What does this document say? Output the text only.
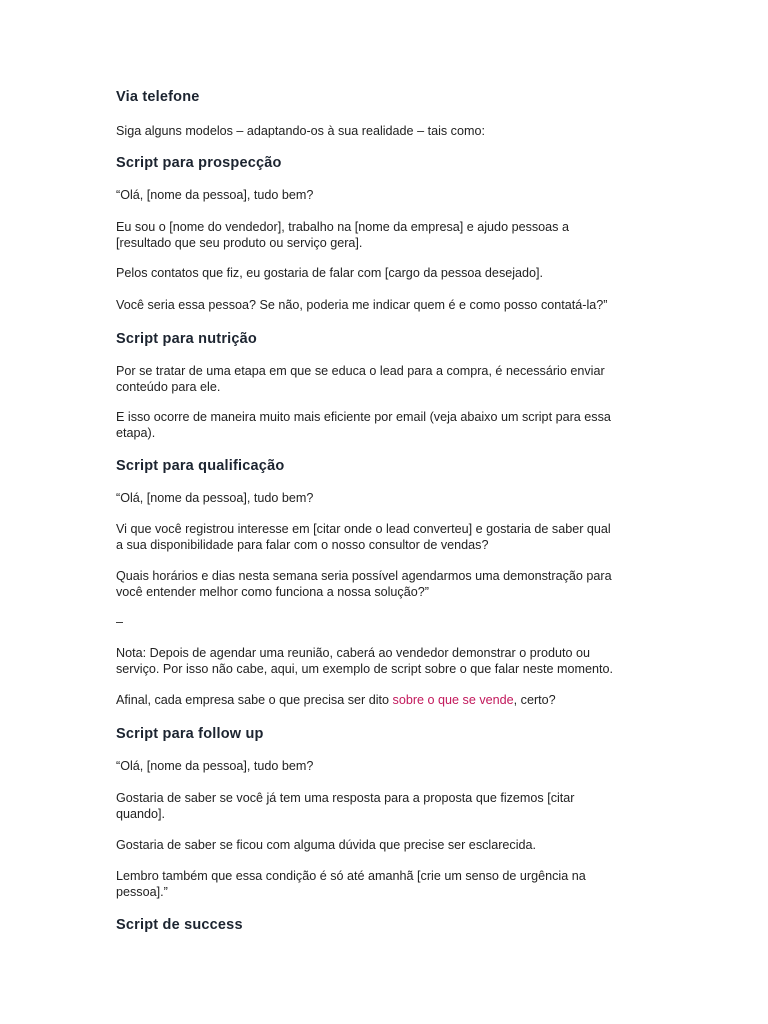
Via telefone
Siga alguns modelos – adaptando-os à sua realidade – tais como:
Script para prospecção
“Olá, [nome da pessoa], tudo bem?
Eu sou o [nome do vendedor], trabalho na [nome da empresa] e ajudo pessoas a
[resultado que seu produto ou serviço gera].
Pelos contatos que fiz, eu gostaria de falar com [cargo da pessoa desejado].
Você seria essa pessoa? Se não, poderia me indicar quem é e como posso contatá-la?”
Script para nutrição
Por se tratar de uma etapa em que se educa o lead para a compra, é necessário enviar
conteúdo para ele.
E isso ocorre de maneira muito mais eficiente por email (veja abaixo um script para essa
etapa).
Script para qualificação
“Olá, [nome da pessoa], tudo bem?
Vi que você registrou interesse em [citar onde o lead converteu] e gostaria de saber qual
a sua disponibilidade para falar com o nosso consultor de vendas?
Quais horários e dias nesta semana seria possível agendarmos uma demonstração para
você entender melhor como funciona a nossa solução?”
–
Nota: Depois de agendar uma reunião, caberá ao vendedor demonstrar o produto ou
serviço. Por isso não cabe, aqui, um exemplo de script sobre o que falar neste momento.
Afinal, cada empresa sabe o que precisa ser dito sobre o que se vende, certo?
Script para follow up
“Olá, [nome da pessoa], tudo bem?
Gostaria de saber se você já tem uma resposta para a proposta que fizemos [citar
quando].
Gostaria de saber se ficou com alguma dúvida que precise ser esclarecida.
Lembro também que essa condição é só até amanhã [crie um senso de urgência na
pessoa].”
Script de success
